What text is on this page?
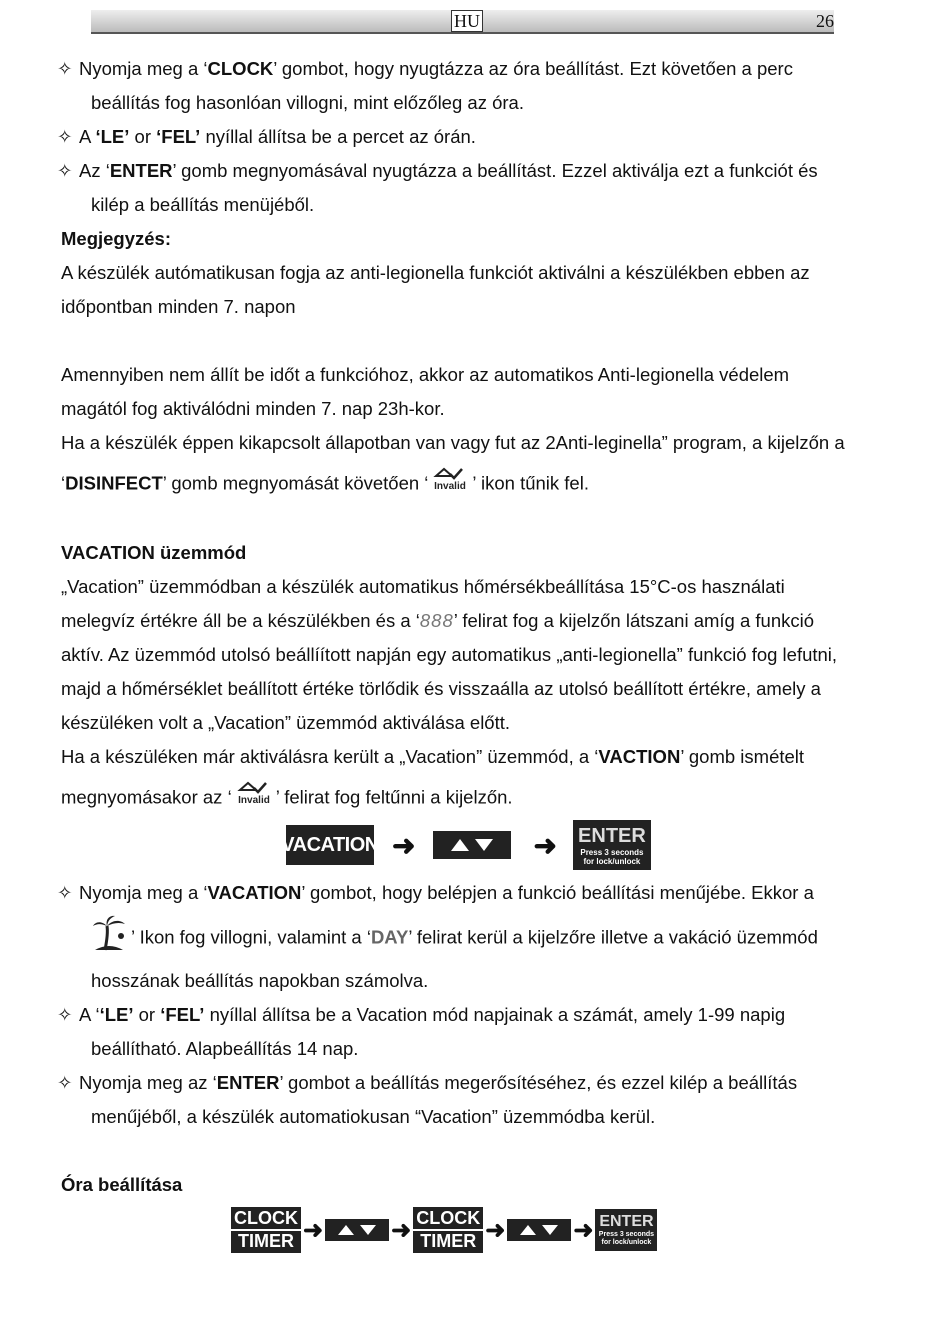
HU	26
✧ Nyomja meg a ‘CLOCK’ gombot, hogy nyugtázza az óra beállítást. Ezt követően a perc
beállítás fog hasonlóan villogni, mint előzőleg az óra.
✧ A ‘LE’ or ‘FEL’ nyíllal állítsa be a percet az órán.
✧ Az ‘ENTER’ gomb megnyomásával nyugtázza a beállítást. Ezzel aktiválja ezt a funkciót és
kilép a beállítás menüjéből.
Megjegyzés:
A készülék autómatikusan fogja az anti-legionella funkciót aktiválni a készülékben ebben az
időpontban minden 7. napon
Amennyiben nem állít be időt a funkcióhoz, akkor az automatikos Anti-legionella védelem
magától fog aktiválódni minden 7. nap 23h-kor.
Ha a készülék éppen kikapcsolt állapotban van vagy fut az 2Anti-leginella” program, a kijelzőn a
‘DISINFECT’ gomb megnyomását követően ‘ Invalid ’ ikon tűnik fel.
VACATION üzemmód
„Vacation” üzemmódban a készülék automatikus hőmérsékbeállítása 15°C-os használati
melegvíz értékre áll be a készülékben és a ‘888’ felirat fog a kijelzőn látszani amíg a funkció
aktív. Az üzemmód utolsó beállíított napján egy automatikus „anti-legionella” funkció fog lefutni,
majd a hőmérséklet beállított értéke törlődik és visszaálla az utolsó beállított értékre, amely a
készüléken volt a „Vacation” üzemmód aktiválása előtt.
Ha a készüléken már aktiválásra került a „Vacation” üzemmód, a ‘VACTION’ gomb ismételt
megnyomásakor az ‘ Invalid ’ felirat fog feltűnni a kijelzőn.
VACATION ➜	➜ ENTER
Press 3 seconds
for lock/unlock
✧ Nyomja meg a ‘VACATION’ gombot, hogy belépjen a funkció beállítási menűjébe. Ekkor a
’ Ikon fog villogni, valamint a ‘DAY’ felirat kerül a kijelzőre illetve a vakáció üzemmód
hosszának beállítás napokban számolva.
✧ A ‘‘LE’ or ‘FEL’ nyíllal állítsa be a Vacation mód napjainak a számát, amely 1-99 napig
beállítható. Alapbeállítás 14 nap.
✧ Nyomja meg az ‘ENTER’ gombot a beállítás megerősítéséhez, és ezzel kilép a beállítás
menűjéből, a készülék automatiokusan “Vacation” üzemmódba kerül.
Óra beállítása
CLOCK
TIMER ➜	➜ CLOCK
TIMER ➜	➜ ENTER
Press 3 seconds
for lock/unlock
